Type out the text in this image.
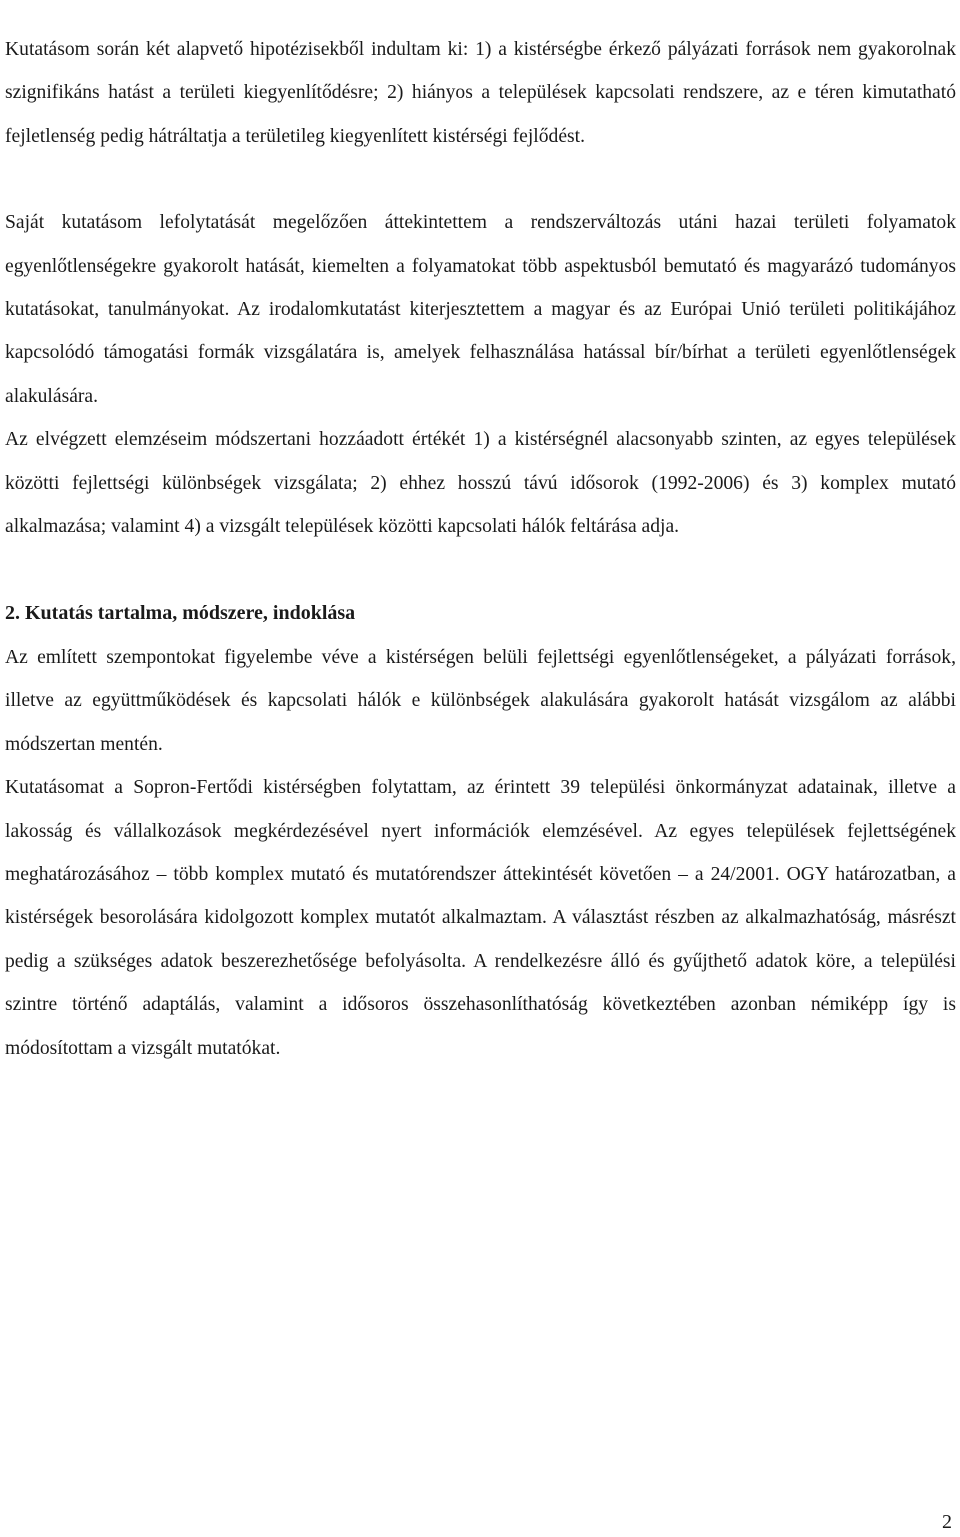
Kutatásom során két alapvető hipotézisekből indultam ki: 1) a kistérségbe érkező pályázati források nem gyakorolnak szignifikáns hatást a területi kiegyenlítődésre; 2) hiányos a települések kapcsolati rendszere, az e téren kimutatható fejletlenség pedig hátráltatja a területileg kiegyenlített kistérségi fejlődést.

Saját kutatásom lefolytatását megelőzően áttekintettem a rendszerváltozás utáni hazai területi folyamatok egyenlőtlenségekre gyakorolt hatását, kiemelten a folyamatokat több aspektusból bemutató és magyarázó tudományos kutatásokat, tanulmányokat. Az irodalomkutatást kiterjesztettem a magyar és az Európai Unió területi politikájához kapcsolódó támogatási formák vizsgálatára is, amelyek felhasználása hatással bír/bírhat a területi egyenlőtlenségek alakulására.

Az elvégzett elemzéseim módszertani hozzáadott értékét 1) a kistérségnél alacsonyabb szinten, az egyes települések közötti fejlettségi különbségek vizsgálata; 2) ehhez hosszú távú idősorok (1992-2006) és 3) komplex mutató alkalmazása; valamint 4) a vizsgált települések közötti kapcsolati hálók feltárása adja.

2. Kutatás tartalma, módszere, indoklása

Az említett szempontokat figyelembe véve a kistérségen belüli fejlettségi egyenlőtlenségeket, a pályázati források, illetve az együttműködések és kapcsolati hálók e különbségek alakulására gyakorolt hatását vizsgálom az alábbi módszertan mentén.

Kutatásomat a Sopron-Fertődi kistérségben folytattam, az érintett 39 települési önkormányzat adatainak, illetve a lakosság és vállalkozások megkérdezésével nyert információk elemzésével. Az egyes települések fejlettségének meghatározásához – több komplex mutató és mutatórendszer áttekintését követően – a 24/2001. OGY határozatban, a kistérségek besorolására kidolgozott komplex mutatót alkalmaztam. A választást részben az alkalmazhatóság, másrészt pedig a szükséges adatok beszerezhetősége befolyásolta. A rendelkezésre álló és gyűjthető adatok köre, a települési szintre történő adaptálás, valamint a idősoros összehasonlíthatóság következtében azonban némiképp így is módosítottam a vizsgált mutatókat.

2
